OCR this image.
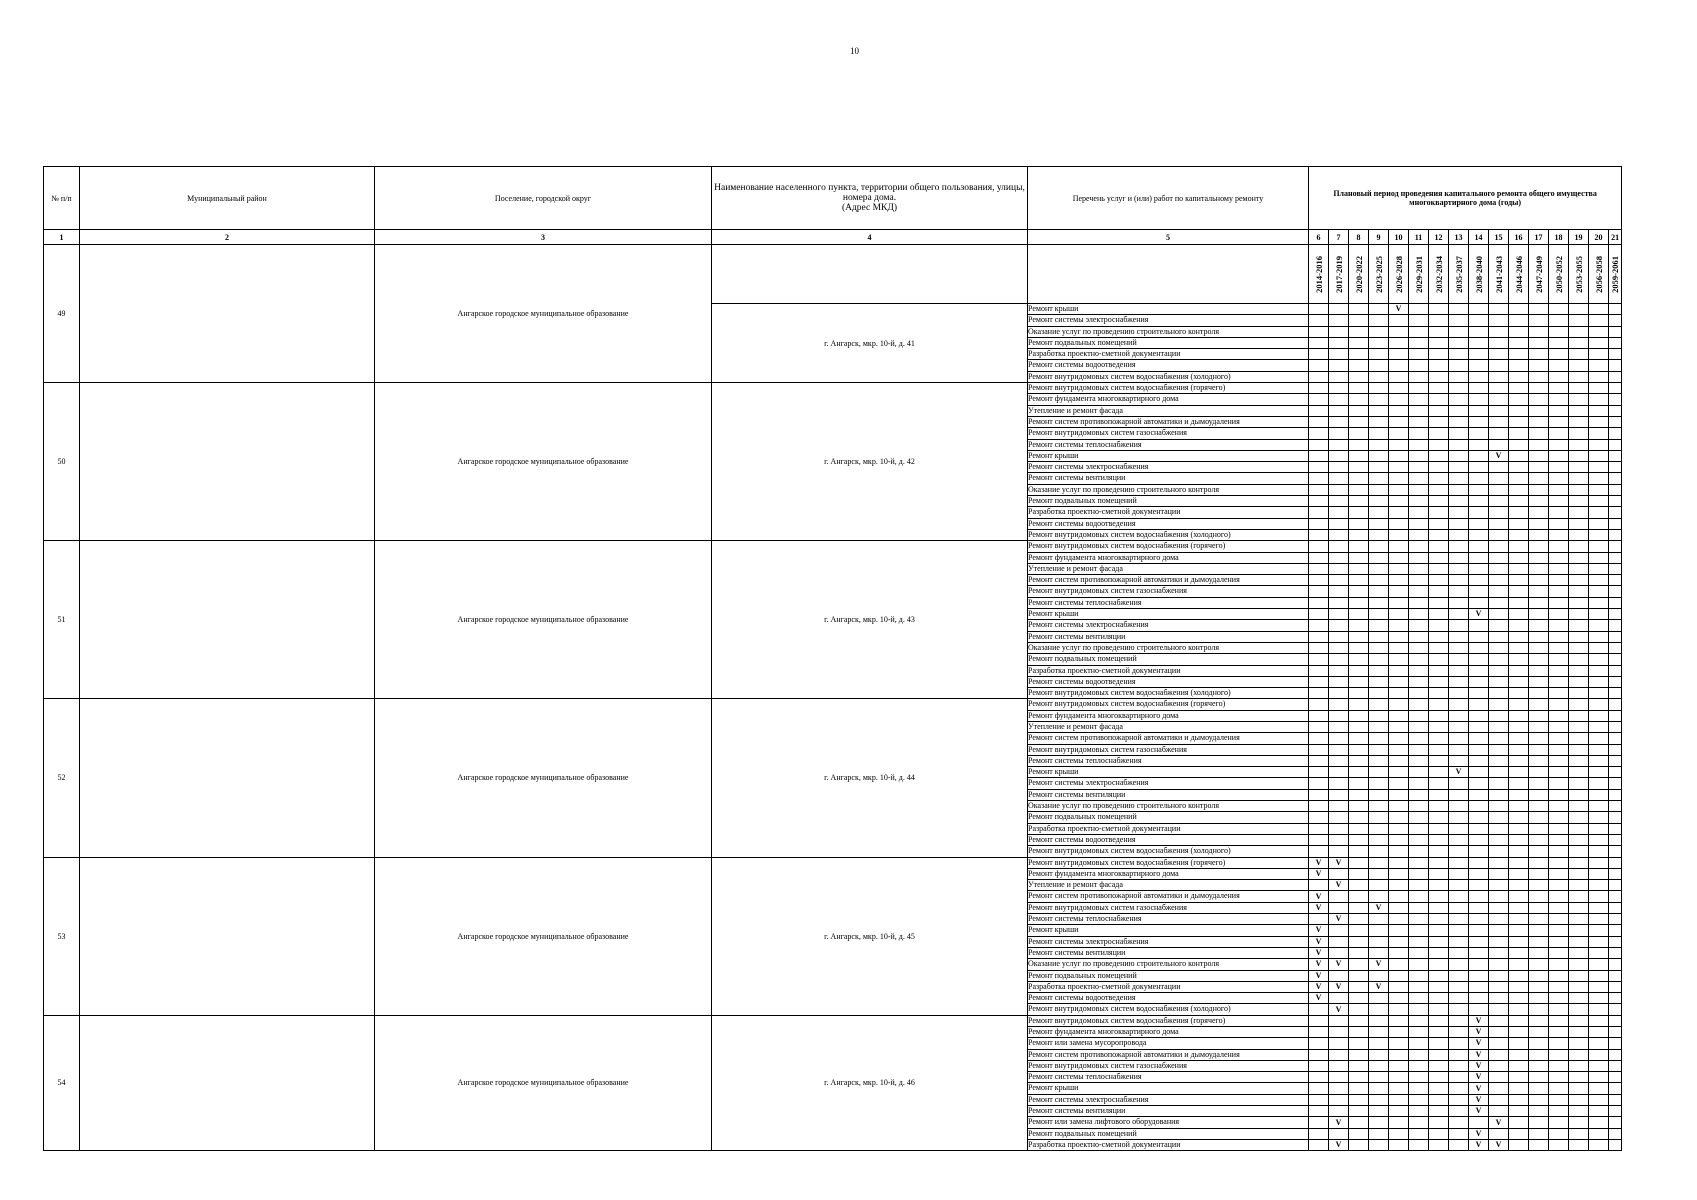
10
№ п/п	Муниципальный район	Поселение, городской округ	Наименование населенного пункта, территории общего пользования, улицы, номера дома.
(Адрес МКД)	Перечень услуг и (или) работ по капитальному ремонту	Плановый период проведения капитального ремонта общего имущества многоквартирного дома (годы)															
1	2	3	4	5	6	7	8	9	10	11	12	13	14	15	16	17	18	19	20	21
49		Ангарское городское муниципальное образование			2014-2016	2017-2019	2020-2022	2023-2025	2026-2028	2029-2031	2032-2034	2035-2037	2038-2040	2041-2043	2044-2046	2047-2049	2050-2052	2053-2055	2056-2058	2059-2061

			г. Ангарск, мкр. 10-й, д. 41	Ремонт крыши					V											
				Ремонт системы электроснабжения																
				Оказание услуг по проведению строительного контроля																
				Ремонт подвальных помещений																
				Разработка проектно-сметной документации																
				Ремонт системы водоотведения																
				Ремонт внутридомовых систем водоснабжения (холодного)																
50		Ангарское городское муниципальное образование	г. Ангарск, мкр. 10-й, д. 42	Ремонт внутридомовых систем водоснабжения (горячего)																
				Ремонт фундамента многоквартирного дома																
				Утепление и ремонт фасада																
				Ремонт систем противопожарной автоматики и дымоудаления																
				Ремонт внутридомовых систем газоснабжения																
				Ремонт системы теплоснабжения																
				Ремонт крыши										V						
				Ремонт системы электроснабжения																
				Ремонт системы вентиляции																
				Оказание услуг по проведению строительного контроля																
				Ремонт подвальных помещений																
				Разработка проектно-сметной документации																
				Ремонт системы водоотведения																
				Ремонт внутридомовых систем водоснабжения (холодного)																
51		Ангарское городское муниципальное образование	г. Ангарск, мкр. 10-й, д. 43	Ремонт внутридомовых систем водоснабжения (горячего)																
				Ремонт фундамента многоквартирного дома																
				Утепление и ремонт фасада																
				Ремонт систем противопожарной автоматики и дымоудаления																
				Ремонт внутридомовых систем газоснабжения																
				Ремонт системы теплоснабжения																
				Ремонт крыши									V							
				Ремонт системы электроснабжения																
				Ремонт системы вентиляции																
				Оказание услуг по проведению строительного контроля																
				Ремонт подвальных помещений																
				Разработка проектно-сметной документации																
				Ремонт системы водоотведения																
				Ремонт внутридомовых систем водоснабжения (холодного)																
52		Ангарское городское муниципальное образование	г. Ангарск, мкр. 10-й, д. 44	Ремонт внутридомовых систем водоснабжения (горячего)																
				Ремонт фундамента многоквартирного дома																
				Утепление и ремонт фасада																
				Ремонт систем противопожарной автоматики и дымоудаления																
				Ремонт внутридомовых систем газоснабжения																
				Ремонт системы теплоснабжения																
				Ремонт крыши								V								
				Ремонт системы электроснабжения																
				Ремонт системы вентиляции																
				Оказание услуг по проведению строительного контроля																
				Ремонт подвальных помещений																
				Разработка проектно-сметной документации																
				Ремонт системы водоотведения																
				Ремонт внутридомовых систем водоснабжения (холодного)																
53		Ангарское городское муниципальное образование	г. Ангарск, мкр. 10-й, д. 45	Ремонт внутридомовых систем водоснабжения (горячего)	V	V														
				Ремонт фундамента многоквартирного дома	V															
				Утепление и ремонт фасада		V														
				Ремонт систем противопожарной автоматики и дымоудаления	V															
				Ремонт внутридомовых систем газоснабжения	V			V												
				Ремонт системы теплоснабжения		V														
				Ремонт крыши	V															
				Ремонт системы электроснабжения	V															
				Ремонт системы вентиляции	V															
				Оказание услуг по проведению строительного контроля	V	V		V												
				Ремонт подвальных помещений	V															
				Разработка проектно-сметной документации	V	V		V												
				Ремонт системы водоотведения	V															
				Ремонт внутридомовых систем водоснабжения (холодного)		V														
54		Ангарское городское муниципальное образование	г. Ангарск, мкр. 10-й, д. 46	Ремонт внутридомовых систем водоснабжения (горячего)									V							
				Ремонт фундамента многоквартирного дома									V							
				Ремонт или замена мусоропровода									V							
				Ремонт систем противопожарной автоматики и дымоудаления									V							
				Ремонт внутридомовых систем газоснабжения									V							
				Ремонт системы теплоснабжения									V							
				Ремонт крыши									V							
				Ремонт системы электроснабжения									V							
				Ремонт системы вентиляции									V							
				Ремонт или замена лифтового оборудования		V								V						
				Ремонт подвальных помещений									V							
				Разработка проектно-сметной документации		V							V	V						
